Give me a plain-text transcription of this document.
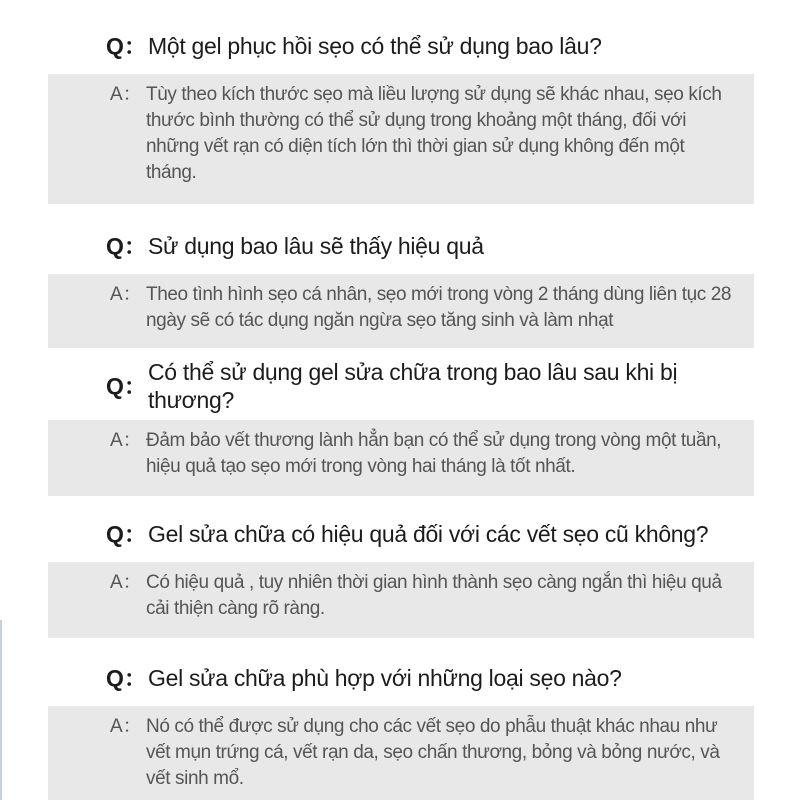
Q： Một gel phục hồi sẹo có thể sử dụng bao lâu?
A： Tùy theo kích thước sẹo mà liều lượng sử dụng sẽ khác nhau, sẹo kích thước bình thường có thể sử dụng trong khoảng một tháng, đối với những vết rạn có diện tích lớn thì thời gian sử dụng không đến một tháng.
Q： Sử dụng bao lâu sẽ thấy hiệu quả
A： Theo tình hình sẹo cá nhân, sẹo mới trong vòng 2 tháng dùng liên tục 28 ngày sẽ có tác dụng ngăn ngừa sẹo tăng sinh và làm nhạt
Q：
Có thể sử dụng gel sửa chữa trong bao lâu sau khi bị thương?
A： Đảm bảo vết thương lành hẳn bạn có thể sử dụng trong vòng một tuần, hiệu quả tạo sẹo mới trong vòng hai tháng là tốt nhất.
Q： Gel sửa chữa có hiệu quả đối với các vết sẹo cũ không?
A： Có hiệu quả , tuy nhiên thời gian hình thành sẹo càng ngắn thì hiệu quả cải thiện càng rõ ràng.
Q： Gel sửa chữa phù hợp với những loại sẹo nào?
A： Nó có thể được sử dụng cho các vết sẹo do phẫu thuật khác nhau như vết mụn trứng cá, vết rạn da, sẹo chấn thương, bỏng và bỏng nước, và vết sinh mổ.
